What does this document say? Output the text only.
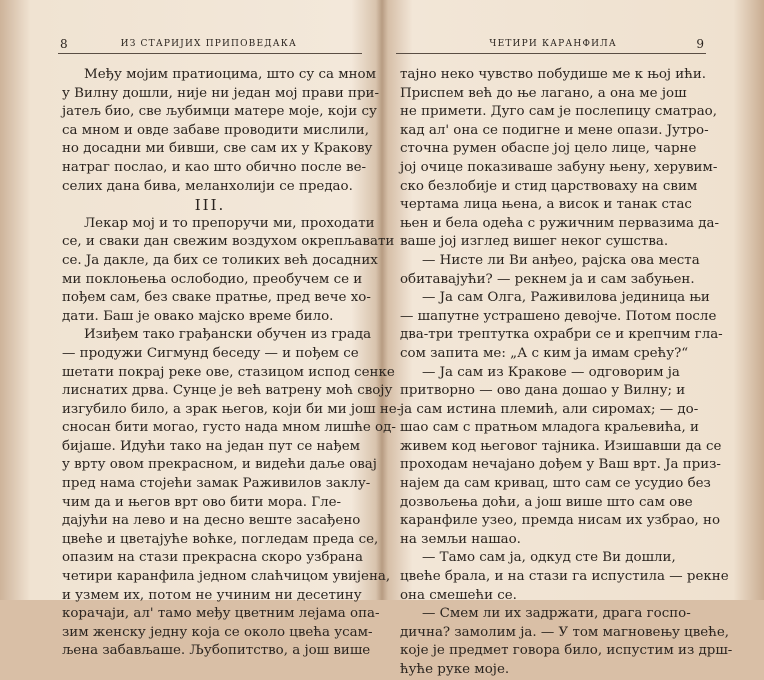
8	ИЗ СТАРИЈИХ ПРИПОВЕДАКА
Међу мојим пратиоцима, што су са мном
у Вилну дошли, није ни један мој прави при-
јатељ био, све љубимци матере моје, који су
са мном и овде забаве проводити мислили,
но досадни ми бивши, све сам их у Кракову
натраг послао, и као што обично после ве-
селих дана бива, меланхолији се предао.
III.
Лекар мој и то препоручи ми, проходати
се, и сваки дан свежим воздухом окрепљавати
се. Ја дакле, да бих се толиких већ досадних
ми поклоњења ослободио, преобучем се и
пођем сам, без свакe пратње, пред вече хо-
дати. Баш је овако мајско време било.
Изиђем тако грађански обучен из града
— продужи Сигмунд беседу — и пођем се
шетати покрај реке ове, стазицом испод сенке
лиснатих дрва. Сунце је већ ватрену моћ своју
изгубило било, а зрак његов, који би ми још не-
сносан бити могао, густо нада мном лишће од-
бијаше. Идући тако на један пут се нађем
у врту овом прекрасном, и видећи даље овај
пред нама стојећи замак Раживилов заклу-
чим да и његов врт ово бити мора. Гле-
дајући на лево и на десно веште засађено
цвеће и цветајуће воћке, погледам преда се,
опазим на стази прекрасна скоро узбрана
четири каранфила једном слаћчицом увијена,
и узмем их, потом не учиним ни десетину
корачаји, ал' тамо међу цветним лејама опа-
зим женску једну која се около цвећа усам-
љена забављаше. Љубопитство, а још више
ЧЕТИРИ КАРАНФИЛА	9
тајно неко чувство побудише ме к њој ићи.
Приспем већ до ње лагано, а она ме још
не примети. Дуго сам је послепицу смaтрао,
кад ал' она се подигне и мене опази. Јутро-
сточна румен обаспе јој цело лице, чарне
јој очице показиваше забуну њену, херувим-
ско безлобије и стид царствоваху на свим
чертама лица њена, а висок и танак стас
њен и бела одећа с ружичним первазима да-
ваше јој изглед вишег неког сушства.
— Нисте ли Ви анђео, рајска ова места
обитавајући? — рекнем ја и сам забуњен.
— Ја сам Олга, Раживилова јединица њи
— шапутне устрашено девојче. Потом после
два-три трептутка охрабри се и крепчим гла-
сом запита ме: „А с ким ја имам срећу?“
— Ја сам из Кракове — одговорим ја
притворно — ово дана дошао у Вилну; и
ја сам истина племић, али сиромах; — до-
шао сам с пратњом младога краљевића, и
живем код његовог тајника. Изишавши да се
проходам нечајано дођем у Ваш врт. Ја приз-
најем да сам кривац, што сам се усудио без
дозвољења доћи, а још више што сам ове
каранфиле узео, премда нисам их узбрао, но
на земљи нашао.
— Тамо сам ја, одкуд сте Ви дошли,
цвеће брала, и на стази га испустила — рекне
она смешећи се.
— Смем ли их задржати, драга госпо-
дична? замолим ја. — У том магновењу цвеће,
које је предмет говора било, испустим из дрш-
ћуће руке моје.
